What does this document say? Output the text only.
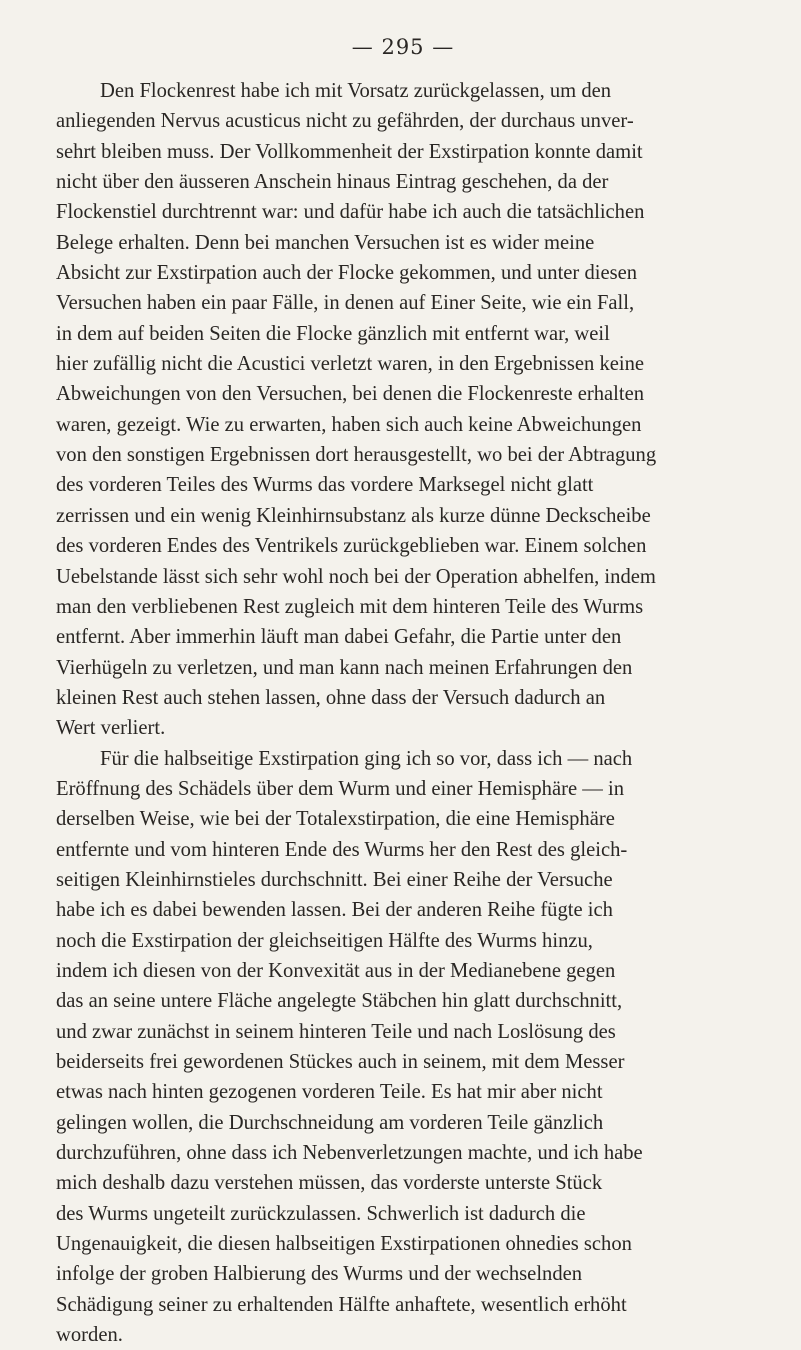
— 295 —

Den Flockenrest habe ich mit Vorsatz zurückgelassen, um den
anliegenden Nervus acusticus nicht zu gefährden, der durchaus unver-
sehrt bleiben muss. Der Vollkommenheit der Exstirpation konnte damit
nicht über den äusseren Anschein hinaus Eintrag geschehen, da der
Flockenstiel durchtrennt war: und dafür habe ich auch die tatsächlichen
Belege erhalten. Denn bei manchen Versuchen ist es wider meine
Absicht zur Exstirpation auch der Flocke gekommen, und unter diesen
Versuchen haben ein paar Fälle, in denen auf Einer Seite, wie ein Fall,
in dem auf beiden Seiten die Flocke gänzlich mit entfernt war, weil
hier zufällig nicht die Acustici verletzt waren, in den Ergebnissen keine
Abweichungen von den Versuchen, bei denen die Flockenreste erhalten
waren, gezeigt. Wie zu erwarten, haben sich auch keine Abweichungen
von den sonstigen Ergebnissen dort herausgestellt, wo bei der Abtragung
des vorderen Teiles des Wurms das vordere Marksegel nicht glatt
zerrissen und ein wenig Kleinhirnsubstanz als kurze dünne Deckscheibe
des vorderen Endes des Ventrikels zurückgeblieben war. Einem solchen
Uebelstande lässt sich sehr wohl noch bei der Operation abhelfen, indem
man den verbliebenen Rest zugleich mit dem hinteren Teile des Wurms
entfernt. Aber immerhin läuft man dabei Gefahr, die Partie unter den
Vierhügeln zu verletzen, und man kann nach meinen Erfahrungen den
kleinen Rest auch stehen lassen, ohne dass der Versuch dadurch an
Wert verliert.

Für die halbseitige Exstirpation ging ich so vor, dass ich — nach
Eröffnung des Schädels über dem Wurm und einer Hemisphäre — in
derselben Weise, wie bei der Totalexstirpation, die eine Hemisphäre
entfernte und vom hinteren Ende des Wurms her den Rest des gleich-
seitigen Kleinhirnstieles durchschnitt. Bei einer Reihe der Versuche
habe ich es dabei bewenden lassen. Bei der anderen Reihe fügte ich
noch die Exstirpation der gleichseitigen Hälfte des Wurms hinzu,
indem ich diesen von der Konvexität aus in der Medianebene gegen
das an seine untere Fläche angelegte Stäbchen hin glatt durchschnitt,
und zwar zunächst in seinem hinteren Teile und nach Loslösung des
beiderseits frei gewordenen Stückes auch in seinem, mit dem Messer
etwas nach hinten gezogenen vorderen Teile. Es hat mir aber nicht
gelingen wollen, die Durchschneidung am vorderen Teile gänzlich
durchzuführen, ohne dass ich Nebenverletzungen machte, und ich habe
mich deshalb dazu verstehen müssen, das vorderste unterste Stück
des Wurms ungeteilt zurückzulassen. Schwerlich ist dadurch die
Ungenauigkeit, die diesen halbseitigen Exstirpationen ohnedies schon
infolge der groben Halbierung des Wurms und der wechselnden
Schädigung seiner zu erhaltenden Hälfte anhaftete, wesentlich erhöht
worden.
